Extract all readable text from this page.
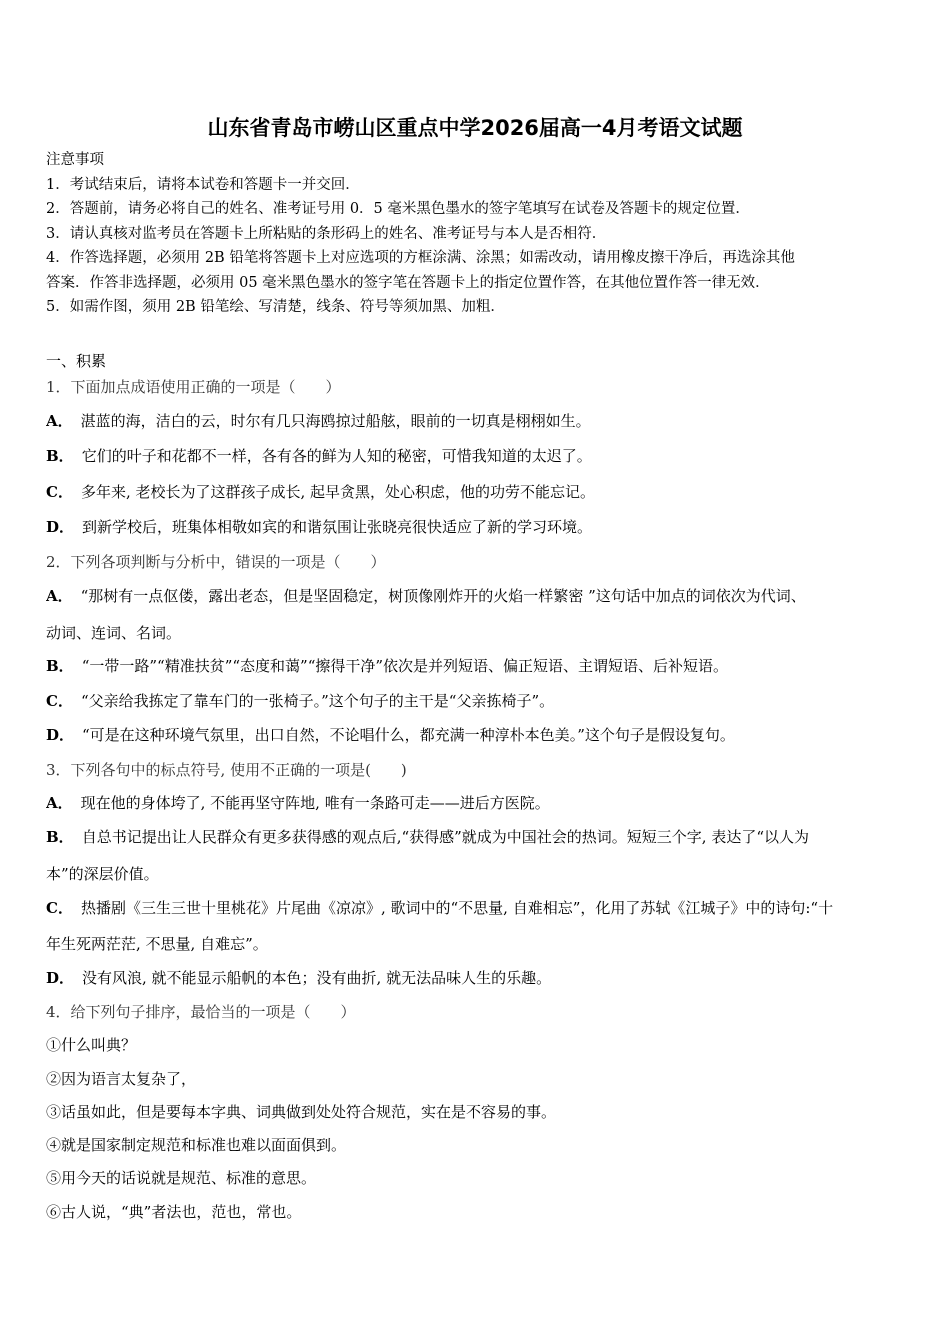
山东省青岛市崂山区重点中学2026届高一4月考语文试题
注意事项
1．考试结束后，请将本试卷和答题卡一并交回．
2．答题前，请务必将自己的姓名、准考证号用 0．5 毫米黑色墨水的签字笔填写在试卷及答题卡的规定位置．
3．请认真核对监考员在答题卡上所粘贴的条形码上的姓名、准考证号与本人是否相符．
4．作答选择题，必须用 2B 铅笔将答题卡上对应选项的方框涂满、涂黑；如需改动，请用橡皮擦干净后，再选涂其他
答案．作答非选择题，必须用 05 毫米黑色墨水的签字笔在答题卡上的指定位置作答，在其他位置作答一律无效．
5．如需作图，须用 2B 铅笔绘、写清楚，线条、符号等须加黑、加粗．
一、积累
1．下面加点成语使用正确的一项是（　　）
A． 湛蓝的海，洁白的云，时尔有几只海鸥掠过船舷，眼前的一切真是栩栩如生。
B． 它们的叶子和花都不一样，各有各的鲜为人知的秘密，可惜我知道的太迟了。
C． 多年来, 老校长为了这群孩子成长, 起早贪黑，处心积虑，他的功劳不能忘记。
D． 到新学校后，班集体相敬如宾的和谐氛围让张晓亮很快适应了新的学习环境。
2．下列各项判断与分析中，错误的一项是（　　）
A． “那树有一点伛偻，露出老态，但是坚固稳定，树顶像刚炸开的火焰一样繁密 ”这句话中加点的词依次为代词、
动词、连词、名词。
B． “一带一路”“精准扶贫”“态度和蔼”“擦得干净”依次是并列短语、偏正短语、主谓短语、后补短语。
C． “父亲给我拣定了靠车门的一张椅子。”这个句子的主干是“父亲拣椅子”。
D． “可是在这种环境气氛里，出口自然，不论唱什么，都充满一种淳朴本色美。”这个句子是假设复句。
3．下列各句中的标点符号, 使用不正确的一项是(　　)
A． 现在他的身体垮了, 不能再坚守阵地, 唯有一条路可走——进后方医院。
B． 自总书记提出让人民群众有更多获得感的观点后,“获得感”就成为中国社会的热词。短短三个字, 表达了“以人为
本”的深层价值。
C． 热播剧《三生三世十里桃花》片尾曲《凉凉》, 歌词中的“不思量, 自难相忘”，化用了苏轼《江城子》中的诗句:“十
年生死两茫茫, 不思量, 自难忘”。
D． 没有风浪, 就不能显示船帆的本色；没有曲折, 就无法品味人生的乐趣。
4．给下列句子排序，最恰当的一项是（　　）
①什么叫典？
②因为语言太复杂了，
③话虽如此，但是要每本字典、词典做到处处符合规范，实在是不容易的事。
④就是国家制定规范和标准也难以面面俱到。
⑤用今天的话说就是规范、标准的意思。
⑥古人说，“典”者法也，范也，常也。
